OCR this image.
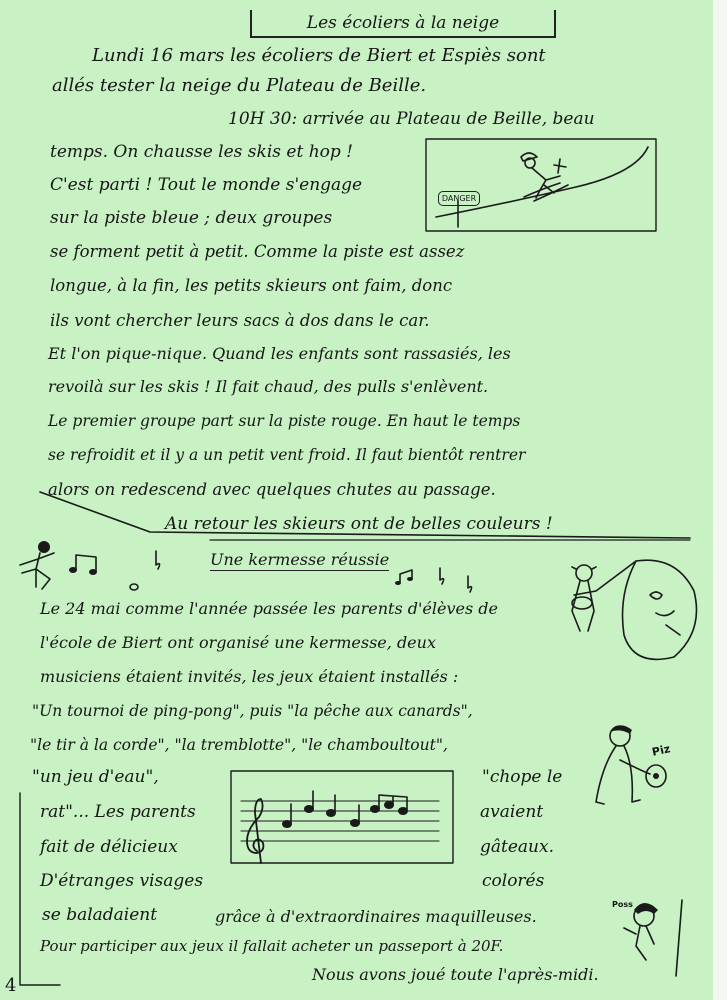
Les écoliers à la neige
Lundi 16 mars les écoliers de Biert et Espiès sont
allés tester la neige du Plateau de Beille.
10H 30: arrivée au Plateau de Beille, beau
temps. On chausse les skis et hop !
C'est parti ! Tout le monde s'engage
sur la piste bleue ; deux groupes
se forment petit à petit. Comme la piste est assez
longue, à la fin, les petits skieurs ont faim, donc
ils vont chercher leurs sacs à dos dans le car.
Et l'on pique-nique. Quand les enfants sont rassasiés, les
revoilà sur les skis ! Il fait chaud, des pulls s'enlèvent.
Le premier groupe part sur la piste rouge. En haut le temps
se refroidit et il y a un petit vent froid. Il faut bientôt rentrer
alors on redescend avec quelques chutes au passage.
Au retour les skieurs ont de belles couleurs !
DANGER
Une kermesse réussie
Le 24 mai comme l'année passée les parents d'élèves de
l'école de Biert ont organisé une kermesse, deux
musiciens étaient invités, les jeux étaient installés :
"Un tournoi de ping-pong", puis "la pêche aux canards",
"le tir à la corde", "la tremblotte", "le chamboultout",
"un jeu d'eau",	"chope le
rat"... Les parents	avaient
fait de délicieux	gâteaux.
D'étranges visages	colorés
se baladaient	grâce à d'extraordinaires maquilleuses.
Pour participer aux jeux il fallait acheter un passeport à 20F.
Nous avons joué toute l'après-midi.
Piz
Poss
4
